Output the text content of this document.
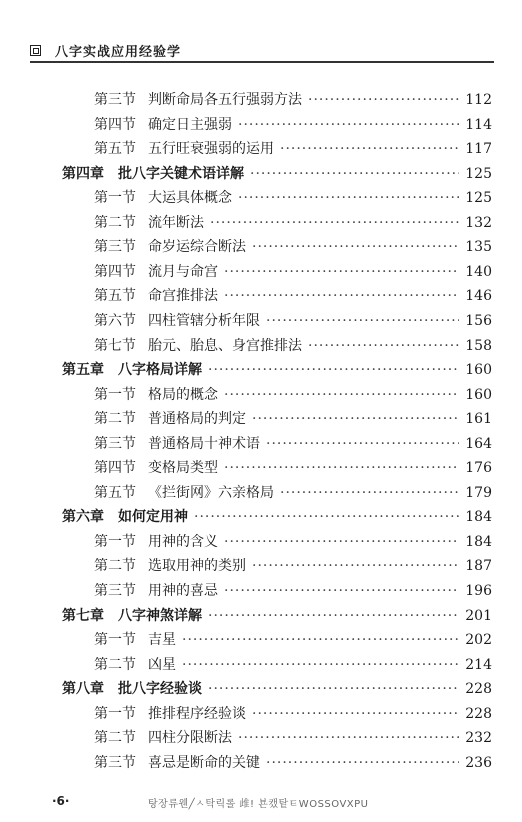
八字实战应用经验学
第三节 判断命局各五行强弱方法 ·····	112
第四节 确定日主强弱 ·····	114
第五节 五行旺衰强弱的运用 ·····	117
第四章 批八字关键术语详解 ·····	125
第一节 大运具体概念 ·····	125
第二节 流年断法 ·····	132
第三节 命岁运综合断法 ·····	135
第四节 流月与命宫 ·····	140
第五节 命宫推排法 ·····	146
第六节 四柱管辖分析年限 ·····	156
第七节 胎元、胎息、身宫推排法 ·····	158
第五章 八字格局详解 ·····	160
第一节 格局的概念 ·····	160
第二节 普通格局的判定 ·····	161
第三节 普通格局十神术语 ·····	164
第四节 变格局类型 ·····	176
第五节 《拦街网》六亲格局 ·····	179
第六章 如何定用神 ·····	184
第一节 用神的含义 ·····	184
第二节 选取用神的类别 ·····	187
第三节 用神的喜忌 ·····	196
第七章 八字神煞详解 ·····	201
第一节 吉星 ·····	202
第二节 凶星 ·····	214
第八章 批八字经验谈 ·····	228
第一节 推排程序经验谈 ·····	228
第二节 四柱分限断法 ·····	232
第三节 喜忌是断命的关键 ·····	236
·6·	탕장류웬╱ㅅ탁릭롤 䧳! 뵨캤탙ㅌWOSSOVXPU
